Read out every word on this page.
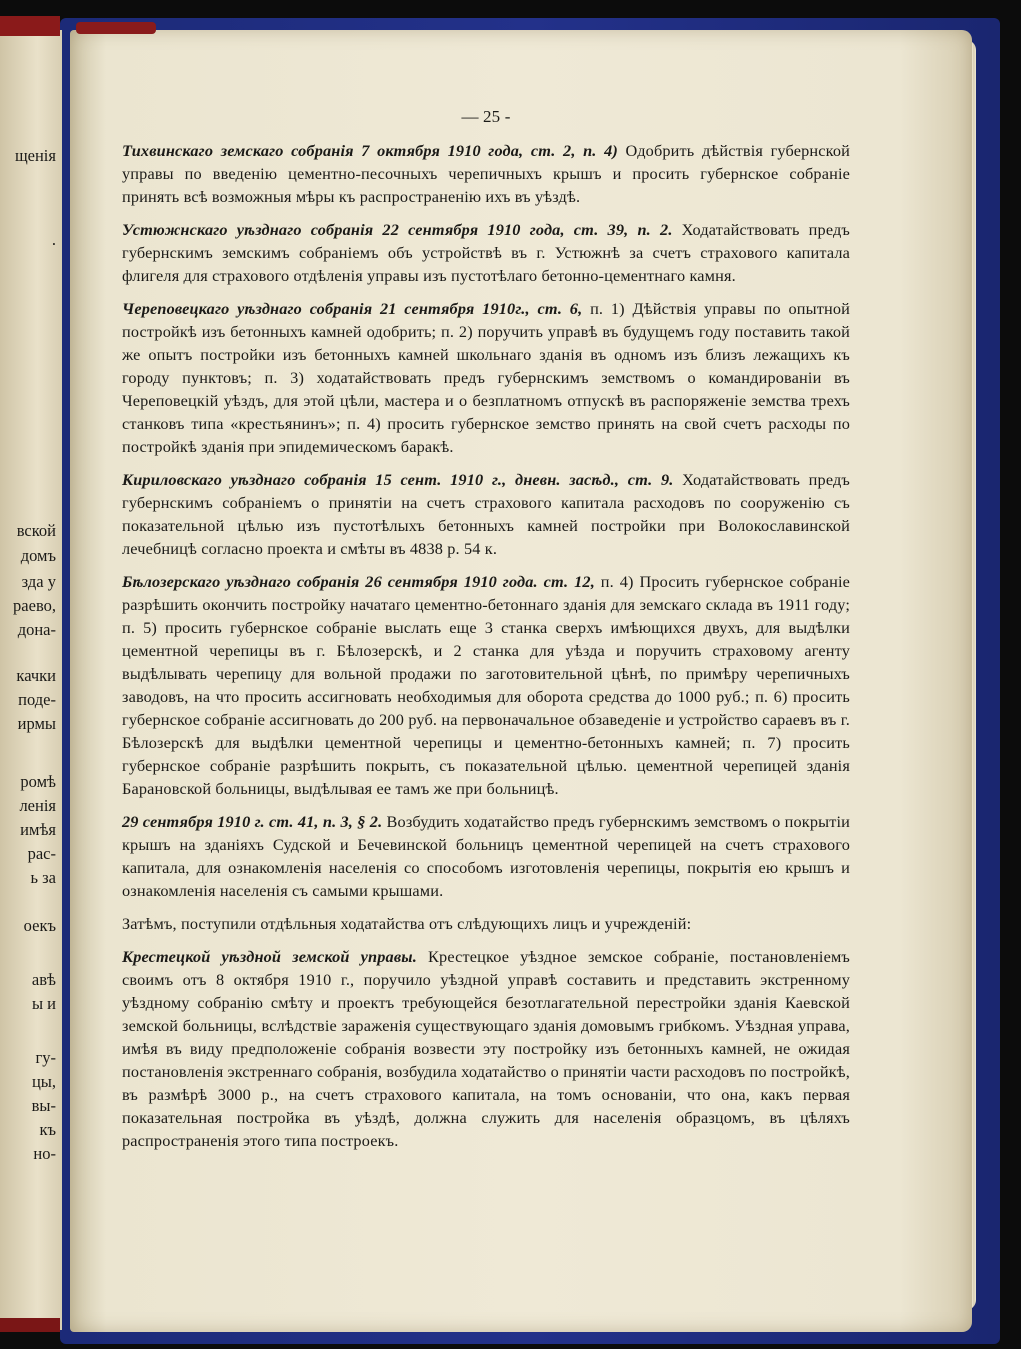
щенія
.
вской
домъ
зда у
раево,
дона-
качки
поде-
ирмы
ромѣ
ленія
имѣя
рас-
ь за
оекъ
авѣ
ы и
гу-
цы,
вы-
къ
но-
— 25 -

Тихвинскаго земскаго собранія 7 октября 1910 года, ст. 2, п. 4) Одобрить дѣйствія губернской управы по введенію цементно-песочныхъ черепичныхъ крышъ и просить губернское собраніе принять всѣ возможныя мѣры къ распространенію ихъ въ уѣздѣ.

Устюжнскаго уѣзднаго собранія 22 сентября 1910 года, ст. 39, п. 2. Ходатайствовать предъ губернскимъ земскимъ собраніемъ объ устройствѣ въ г. Устюжнѣ за счетъ страхового капитала флигеля для страхового отдѣленія управы изъ пустотѣлаго бетонно-цементнаго камня.

Череповецкаго уѣзднаго собранія 21 сентября 1910г., ст. 6, п. 1) Дѣйствія управы по опытной постройкѣ изъ бетонныхъ камней одобрить; п. 2) поручить управѣ въ будущемъ году поставить такой же опытъ постройки изъ бетонныхъ камней школьнаго зданія въ одномъ изъ близъ лежащихъ къ городу пунктовъ; п. 3) ходатайствовать предъ губернскимъ земствомъ о командированіи въ Череповецкій уѣздъ, для этой цѣли, мастера и о безплатномъ отпускѣ въ распоряженіе земства трехъ станковъ типа «крестьянинъ»; п. 4) просить губернское земство принять на свой счетъ расходы по постройкѣ зданія при эпидемическомъ баракѣ.

Кириловскаго уѣзднаго собранія 15 сент. 1910 г., дневн. засѣд., ст. 9. Ходатайствовать предъ губернскимъ собраніемъ о принятіи на счетъ страхового капитала расходовъ по сооруженію съ показательной цѣлью изъ пустотѣлыхъ бетонныхъ камней постройки при Волокославинской лечебницѣ согласно проекта и смѣты въ 4838 р. 54 к.

Бѣлозерскаго уѣзднаго собранія 26 сентября 1910 года. ст. 12, п. 4) Просить губернское собраніе разрѣшить окончить постройку начатаго цементно-бетоннаго зданія для земскаго склада въ 1911 году; п. 5) просить губернское собраніе выслать еще 3 станка сверхъ имѣющихся двухъ, для выдѣлки цементной черепицы въ г. Бѣлозерскѣ, и 2 станка для уѣзда и поручить страховому агенту выдѣлывать черепицу для вольной продажи по заготовительной цѣнѣ, по примѣру черепичныхъ заводовъ, на что просить ассигновать необходимыя для оборота средства до 1000 руб.; п. 6) просить губернское собраніе ассигновать до 200 руб. на первоначальное обзаведеніе и устройство сараевъ въ г. Бѣлозерскѣ для выдѣлки цементной черепицы и цементно-бетонныхъ камней; п. 7) просить губернское собраніе разрѣшить покрыть, съ показательной цѣлью. цементной черепицей зданія Барановской больницы, выдѣлывая ее тамъ же при больницѣ.

29 сентября 1910 г. ст. 41, п. 3, § 2. Возбудить ходатайство предъ губернскимъ земствомъ о покрытіи крышъ на зданіяхъ Судской и Бечевинской больницъ цементной черепицей на счетъ страхового капитала, для ознакомленія населенія со способомъ изготовленія черепицы, покрытія ею крышъ и ознакомленія населенія съ самыми крышами.

Затѣмъ, поступили отдѣльныя ходатайства отъ слѣдующихъ лицъ и учрежденій:

Крестецкой уѣздной земской управы. Крестецкое уѣздное земское собраніе, постановленіемъ своимъ отъ 8 октября 1910 г., поручило уѣздной управѣ составить и представить экстренному уѣздному собранію смѣту и проектъ требующейся безотлагательной перестройки зданія Каевской земской больницы, вслѣдствіе зараженія существующаго зданія домовымъ грибкомъ. Уѣздная управа, имѣя въ виду предположеніе собранія возвести эту постройку изъ бетонныхъ камней, не ожидая постановленія экстреннаго собранія, возбудила ходатайство о принятіи части расходовъ по постройкѣ, въ размѣрѣ 3000 р., на счетъ страхового капитала, на томъ основаніи, что она, какъ первая показательная постройка въ уѣздѣ, должна служить для населенія образцомъ, въ цѣляхъ распространенія этого типа построекъ.
